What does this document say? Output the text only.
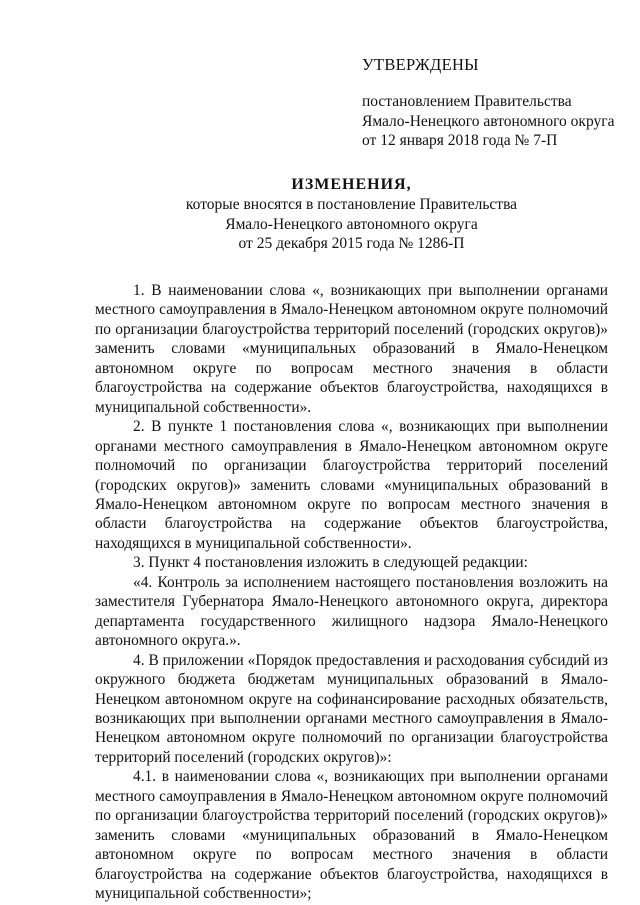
УТВЕРЖДЕНЫ
постановлением Правительства
Ямало-Ненецкого автономного округа
от 12 января 2018 года № 7-П
ИЗМЕНЕНИЯ,
которые вносятся в постановление Правительства
Ямало-Ненецкого автономного округа
от 25 декабря 2015 года № 1286-П

1. В наименовании слова «, возникающих при выполнении органами местного самоуправления в Ямало-Ненецком автономном округе полномочий по организации благоустройства территорий поселений (городских округов)» заменить словами «муниципальных образований в Ямало-Ненецком автономном округе по вопросам местного значения в области благоустройства на содержание объектов благоустройства, находящихся в муниципальной собственности».

2. В пункте 1 постановления слова «, возникающих при выполнении органами местного самоуправления в Ямало-Ненецком автономном округе полномочий по организации благоустройства территорий поселений (городских округов)» заменить словами «муниципальных образований в Ямало-Ненецком автономном округе по вопросам местного значения в области благоустройства на содержание объектов благоустройства, находящихся в муниципальной собственности».

3. Пункт 4 постановления изложить в следующей редакции:

«4. Контроль за исполнением настоящего постановления возложить на заместителя Губернатора Ямало-Ненецкого автономного округа, директора департамента государственного жилищного надзора Ямало-Ненецкого автономного округа.».

4. В приложении «Порядок предоставления и расходования субсидий из окружного бюджета бюджетам муниципальных образований в Ямало-Ненецком автономном округе на софинансирование расходных обязательств, возникающих при выполнении органами местного самоуправления в Ямало-Ненецком автономном округе полномочий по организации благоустройства территорий поселений (городских округов)»:

4.1. в наименовании слова «, возникающих при выполнении органами местного самоуправления в Ямало-Ненецком автономном округе полномочий по организации благоустройства территорий поселений (городских округов)» заменить словами «муниципальных образований в Ямало-Ненецком автономном округе по вопросам местного значения в области благоустройства на содержание объектов благоустройства, находящихся в муниципальной собственности»;
